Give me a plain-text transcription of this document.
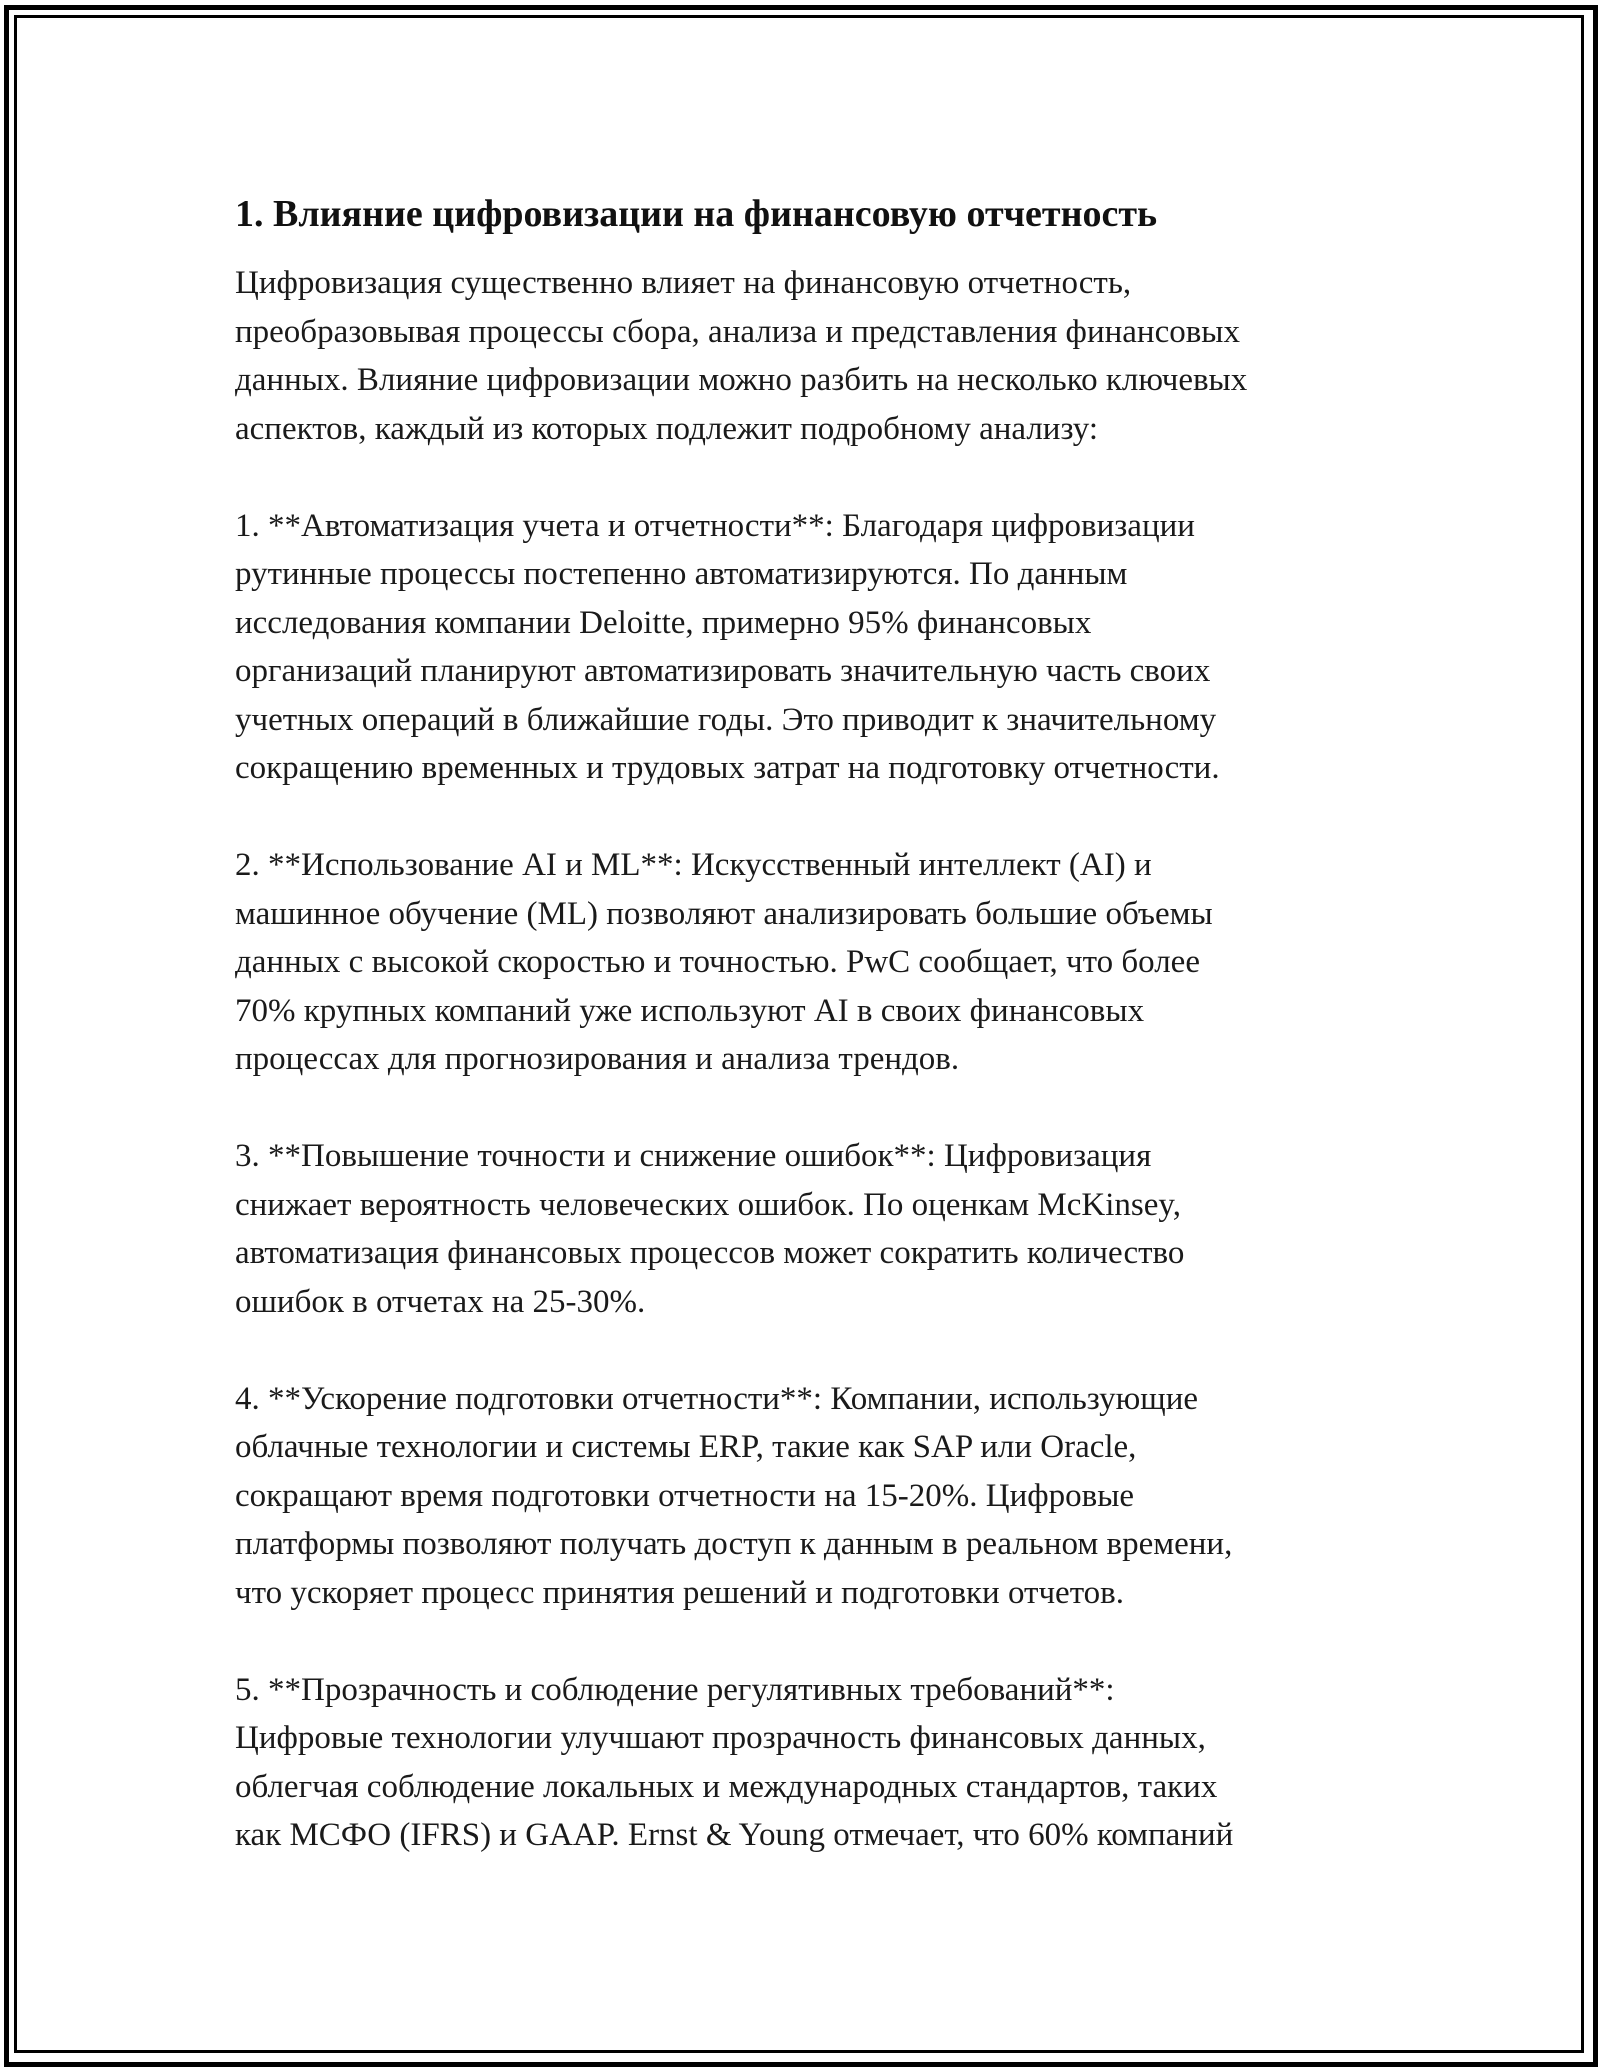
1. Влияние цифровизации на финансовую отчетность

Цифровизация существенно влияет на финансовую отчетность,
преобразовывая процессы сбора, анализа и представления финансовых
данных. Влияние цифровизации можно разбить на несколько ключевых
аспектов, каждый из которых подлежит подробному анализу:

1. **Автоматизация учета и отчетности**: Благодаря цифровизации
рутинные процессы постепенно автоматизируются. По данным
исследования компании Deloitte, примерно 95% финансовых
организаций планируют автоматизировать значительную часть своих
учетных операций в ближайшие годы. Это приводит к значительному
сокращению временных и трудовых затрат на подготовку отчетности.

2. **Использование AI и ML**: Искусственный интеллект (AI) и
машинное обучение (ML) позволяют анализировать большие объемы
данных с высокой скоростью и точностью. PwC сообщает, что более
70% крупных компаний уже используют AI в своих финансовых
процессах для прогнозирования и анализа трендов.

3. **Повышение точности и снижение ошибок**: Цифровизация
снижает вероятность человеческих ошибок. По оценкам McKinsey,
автоматизация финансовых процессов может сократить количество
ошибок в отчетах на 25-30%.

4. **Ускорение подготовки отчетности**: Компании, использующие
облачные технологии и системы ERP, такие как SAP или Oracle,
сокращают время подготовки отчетности на 15-20%. Цифровые
платформы позволяют получать доступ к данным в реальном времени,
что ускоряет процесс принятия решений и подготовки отчетов.

5. **Прозрачность и соблюдение регулятивных требований**:
Цифровые технологии улучшают прозрачность финансовых данных,
облегчая соблюдение локальных и международных стандартов, таких
как МСФО (IFRS) и GAAP. Ernst & Young отмечает, что 60% компаний
